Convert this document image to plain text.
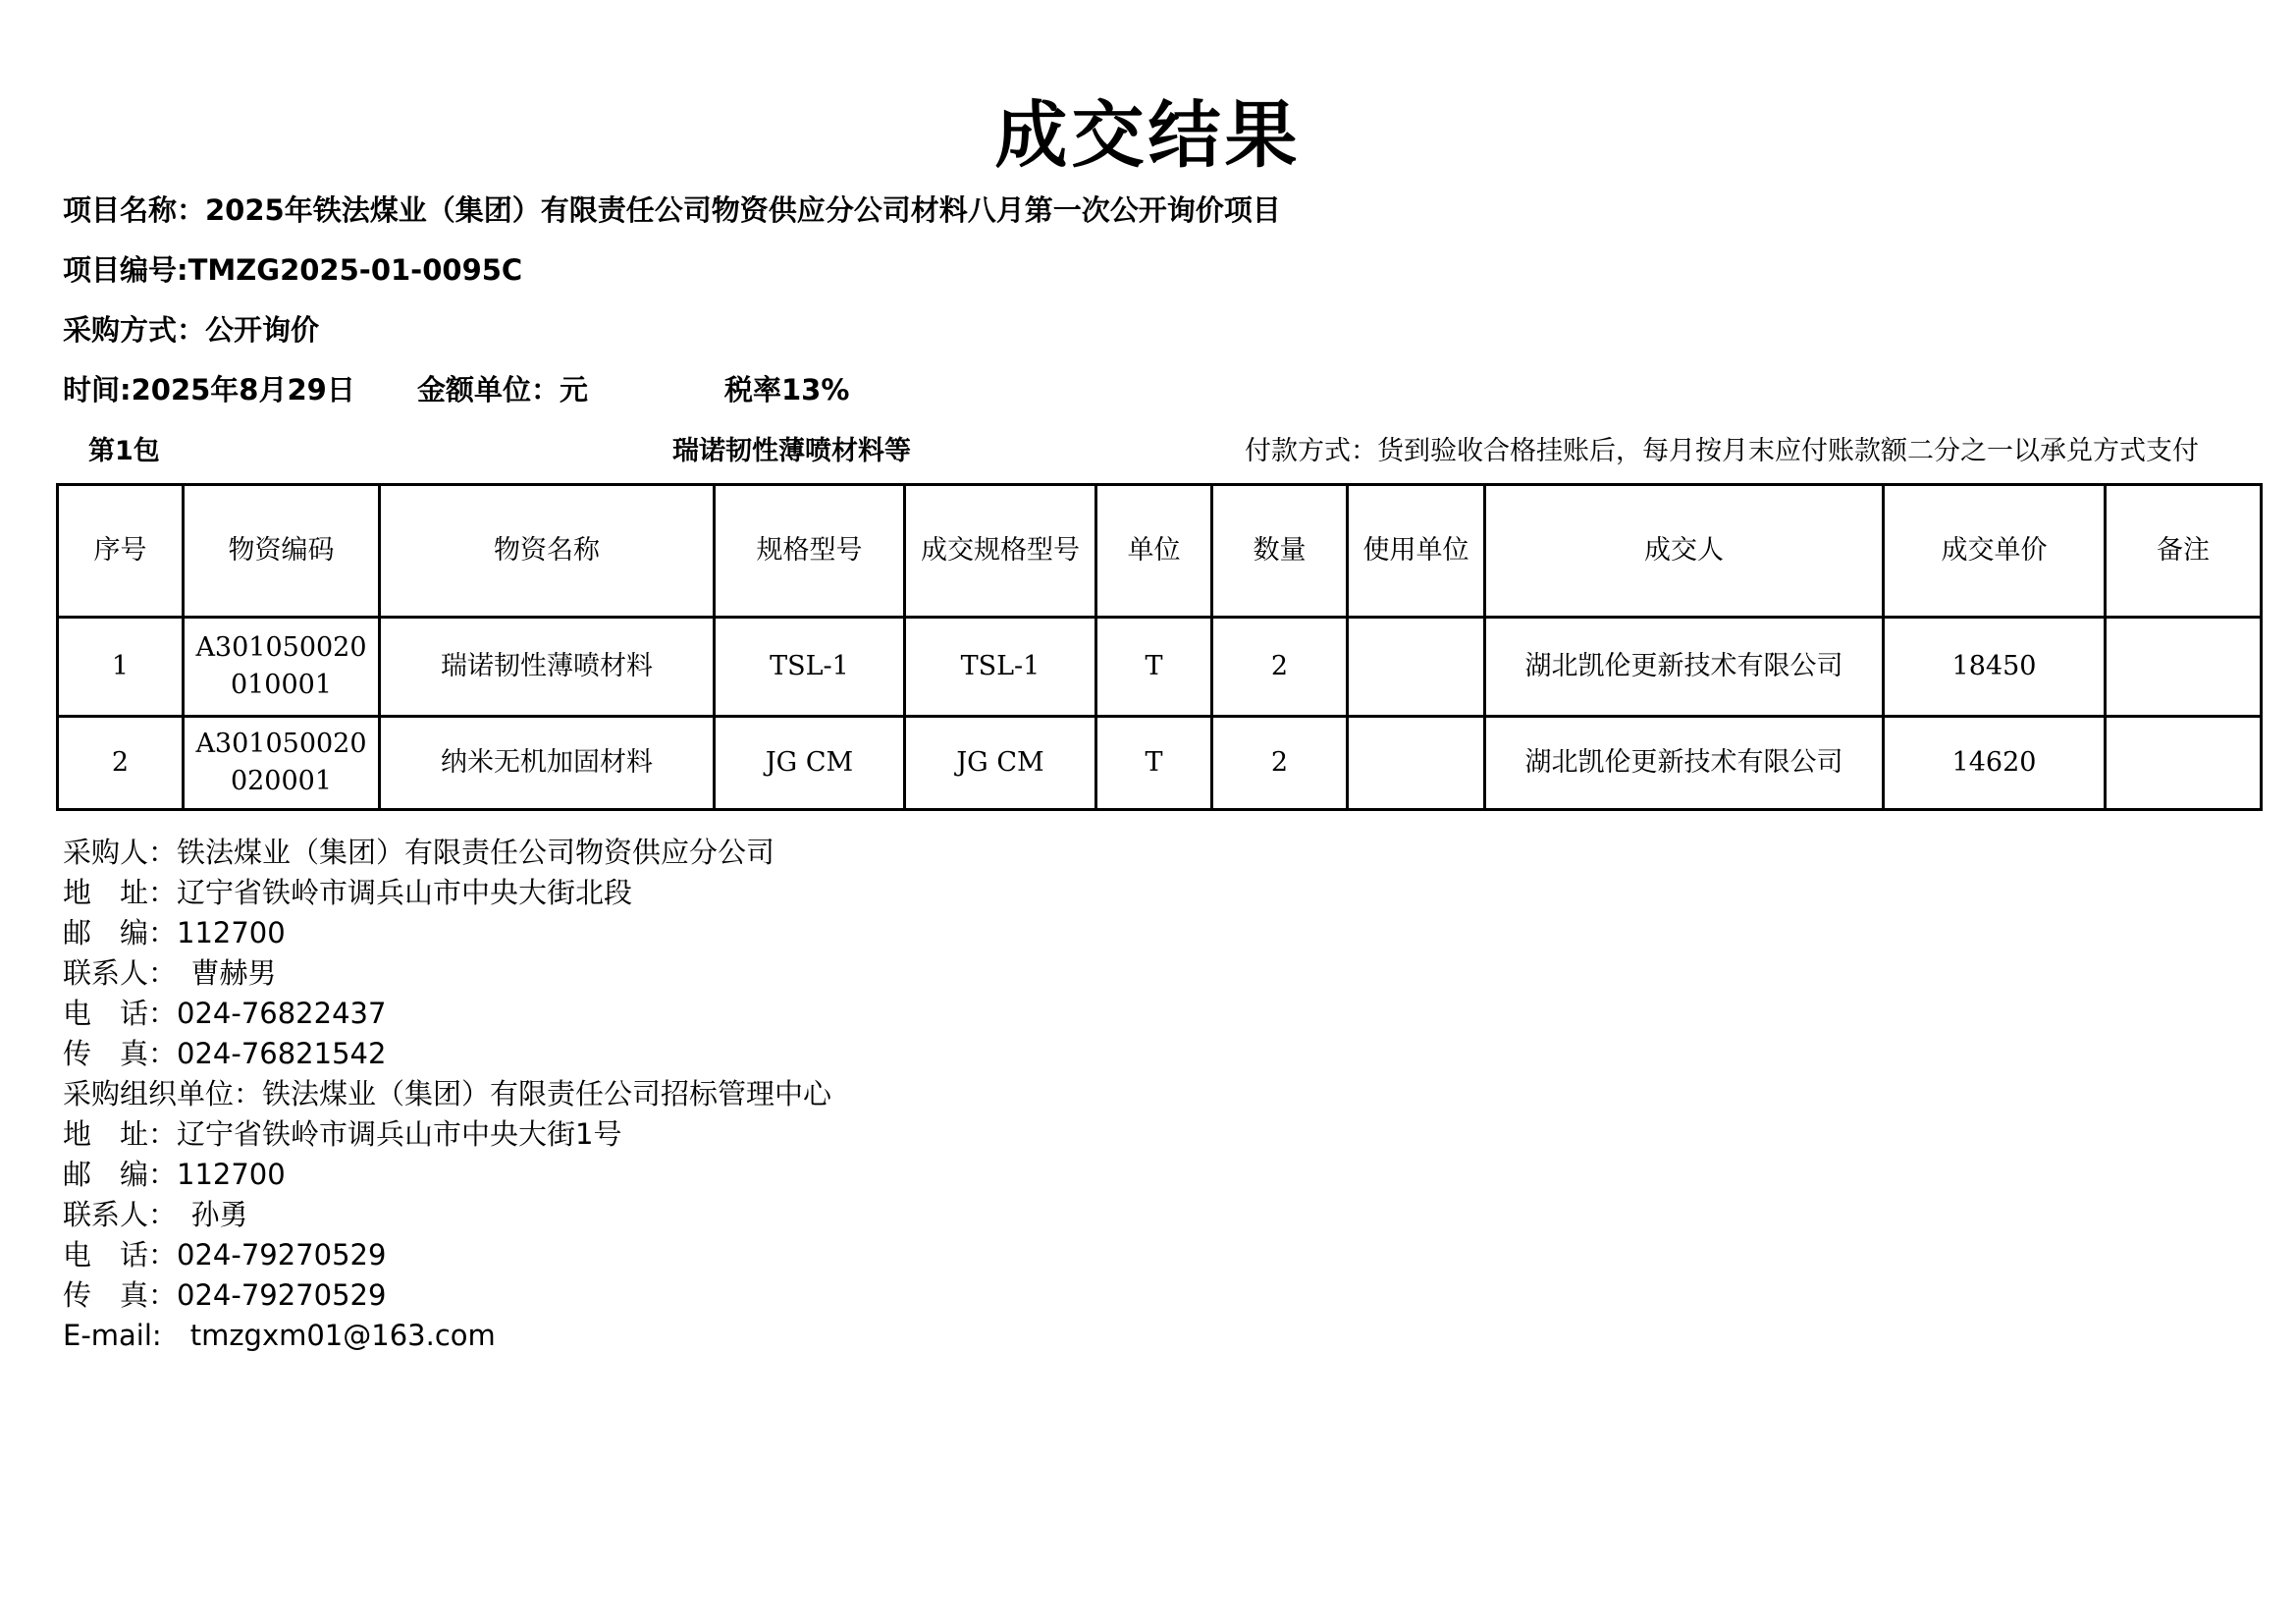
成交结果
项目名称：2025年铁法煤业（集团）有限责任公司物资供应分公司材料八月第一次公开询价项目
项目编号:TMZG2025-01-0095C
采购方式：公开询价
时间:2025年8月29日 金额单位：元	税率13%
第1包	瑞诺韧性薄喷材料等	付款方式：货到验收合格挂账后，每月按月末应付账款额二分之一以承兑方式支付
序号	物资编码	物资名称	规格型号	成交规格型号	单位	数量	使用单位	成交人	成交单价	备注
1	A301050020010001	瑞诺韧性薄喷材料	TSL-1	TSL-1	T	2		湖北凯伦更新技术有限公司	18450	
2	A301050020020001	纳米无机加固材料	JG CM	JG CM	T	2		湖北凯伦更新技术有限公司	14620	
采购人：铁法煤业（集团）有限责任公司物资供应分公司
地　址：辽宁省铁岭市调兵山市中央大街北段
邮　编：112700
联系人：　曹赫男
电　话：024-76822437
传　真：024-76821542
采购组织单位：铁法煤业（集团）有限责任公司招标管理中心
地　址：辽宁省铁岭市调兵山市中央大街1号
邮　编：112700
联系人：　孙勇
电　话：024-79270529
传　真：024-79270529
E-mail:　tmzgxm01@163.com
